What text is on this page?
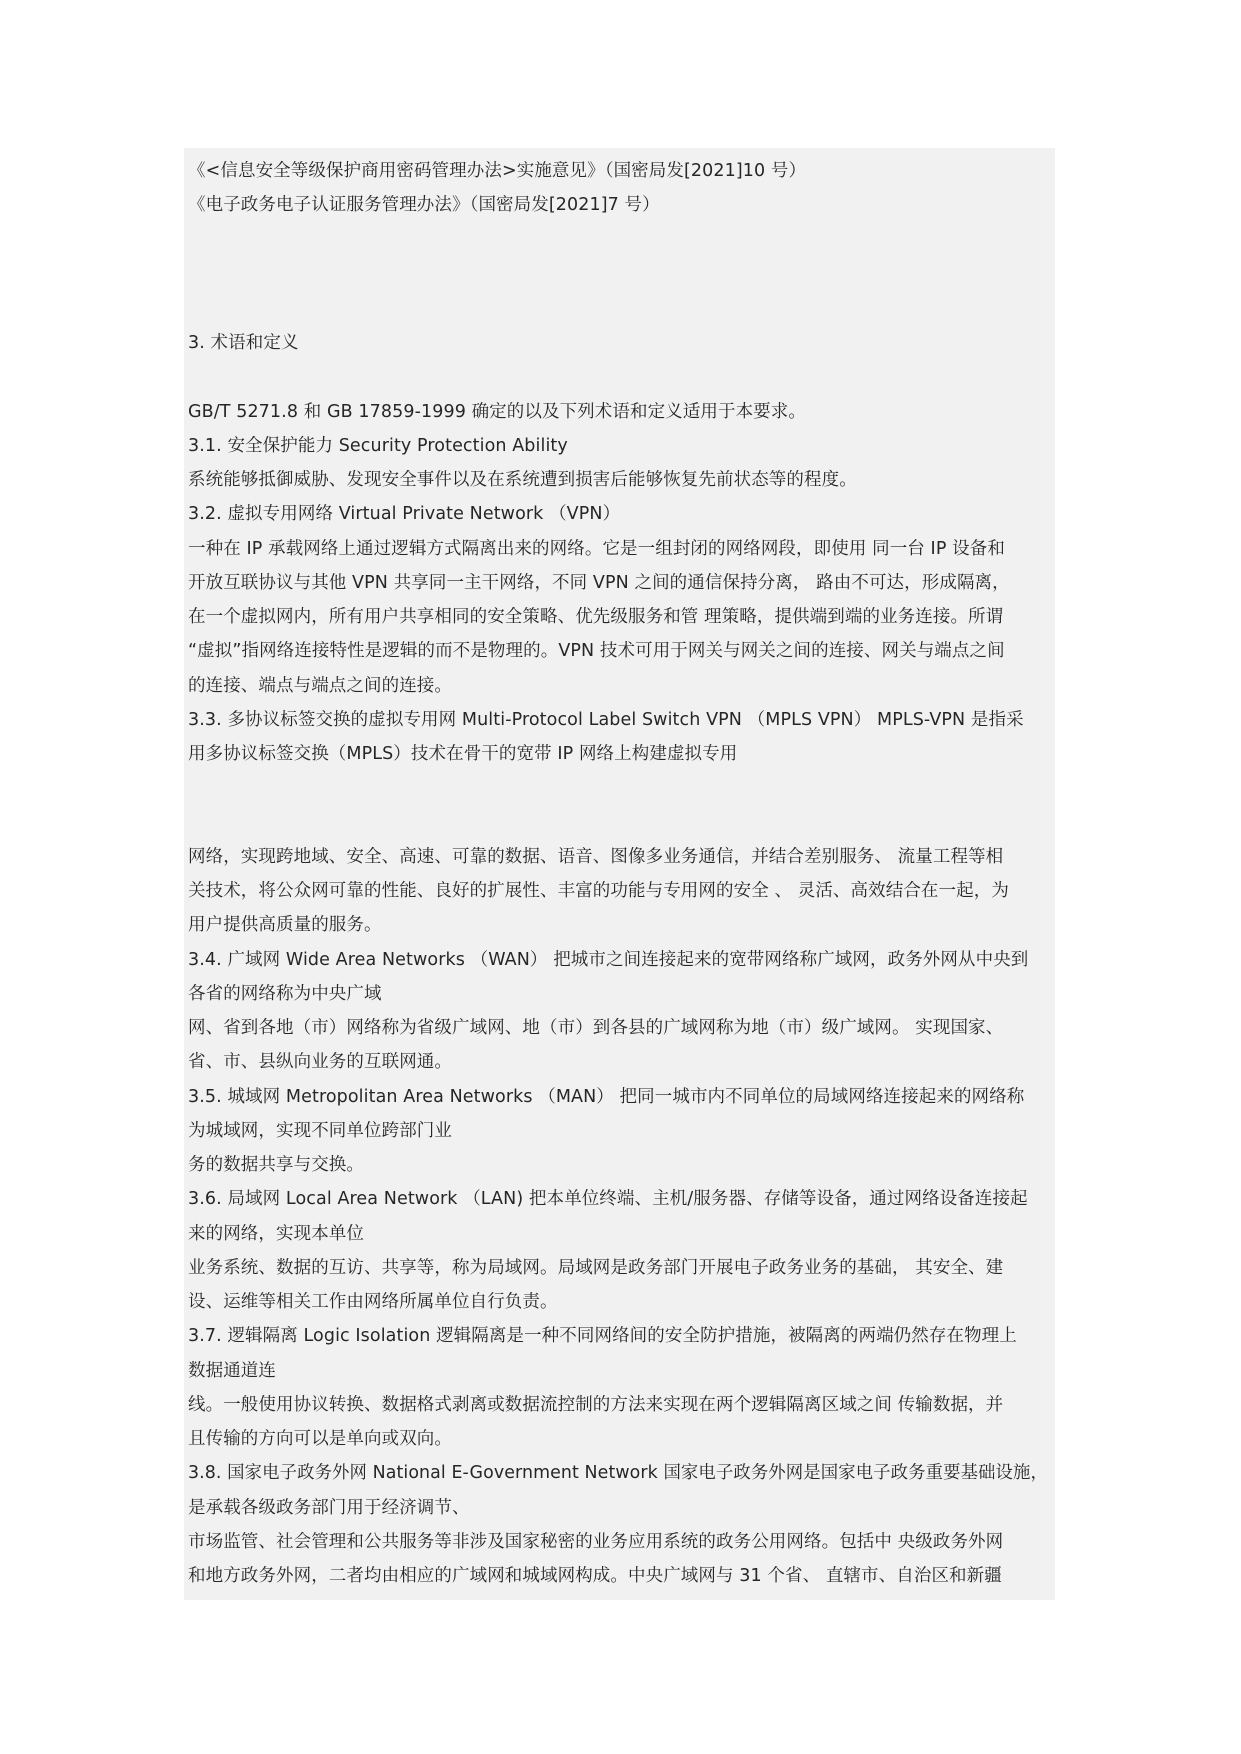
《<信息安全等级保护商用密码管理办法>实施意见》（国密局发[2021]10 号）
《电子政务电子认证服务管理办法》（国密局发[2021]7 号）
3. 术语和定义
GB/T 5271.8 和 GB 17859-1999 确定的以及下列术语和定义适用于本要求。
3.1. 安全保护能力 Security Protection Ability
系统能够抵御威胁、发现安全事件以及在系统遭到损害后能够恢复先前状态等的程度。
3.2. 虚拟专用网络 Virtual Private Network （VPN）
一种在 IP 承载网络上通过逻辑方式隔离出来的网络。它是一组封闭的网络网段，即使用 同一台 IP 设备和
开放互联协议与其他 VPN 共享同一主干网络，不同 VPN 之间的通信保持分离， 路由不可达，形成隔离，
在一个虚拟网内，所有用户共享相同的安全策略、优先级服务和管 理策略，提供端到端的业务连接。所谓
“虚拟”指网络连接特性是逻辑的而不是物理的。VPN 技术可用于网关与网关之间的连接、网关与端点之间
的连接、端点与端点之间的连接。
3.3. 多协议标签交换的虚拟专用网 Multi-Protocol Label Switch VPN （MPLS VPN） MPLS-VPN 是指采
用多协议标签交换（MPLS）技术在骨干的宽带 IP 网络上构建虚拟专用
网络，实现跨地域、安全、高速、可靠的数据、语音、图像多业务通信，并结合差别服务、 流量工程等相
关技术，将公众网可靠的性能、良好的扩展性、丰富的功能与专用网的安全 、 灵活、高效结合在一起，为
用户提供高质量的服务。
3.4. 广域网 Wide Area Networks （WAN） 把城市之间连接起来的宽带网络称广域网，政务外网从中央到
各省的网络称为中央广域
网、省到各地（市）网络称为省级广域网、地（市）到各县的广域网称为地（市）级广域网。 实现国家、
省、市、县纵向业务的互联网通。
3.5. 城域网 Metropolitan Area Networks （MAN） 把同一城市内不同单位的局域网络连接起来的网络称
为城域网，实现不同单位跨部门业
务的数据共享与交换。
3.6. 局域网 Local Area Network （LAN) 把本单位终端、主机/服务器、存储等设备，通过网络设备连接起
来的网络，实现本单位
业务系统、数据的互访、共享等，称为局域网。局域网是政务部门开展电子政务业务的基础， 其安全、建
设、运维等相关工作由网络所属单位自行负责。
3.7. 逻辑隔离 Logic Isolation 逻辑隔离是一种不同网络间的安全防护措施，被隔离的两端仍然存在物理上
数据通道连
线。一般使用协议转换、数据格式剥离或数据流控制的方法来实现在两个逻辑隔离区域之间 传输数据，并
且传输的方向可以是单向或双向。
3.8. 国家电子政务外网 National E-Government Network 国家电子政务外网是国家电子政务重要基础设施，
是承载各级政务部门用于经济调节、
市场监管、社会管理和公共服务等非涉及国家秘密的业务应用系统的政务公用网络。包括中 央级政务外网
和地方政务外网，二者均由相应的广域网和城域网构成。中央广域网与 31 个省、 直辖市、自治区和新疆
